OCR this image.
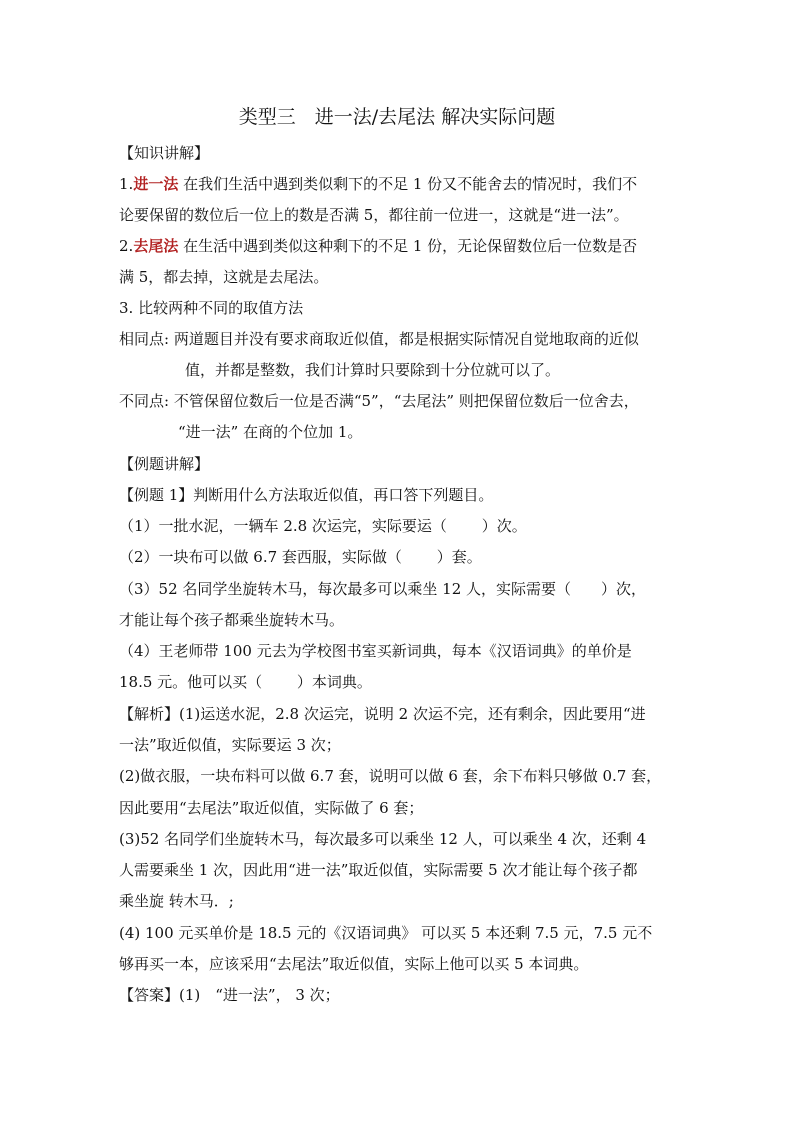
类型三　进一法/去尾法 解决实际问题
【知识讲解】
1.进一法 在我们生活中遇到类似剩下的不足 1 份又不能舍去的情况时，我们不
论要保留的数位后一位上的数是否满 5，都往前一位进一，这就是“进一法”。
2.去尾法 在生活中遇到类似这种剩下的不足 1 份，无论保留数位后一位数是否
满 5，都去掉，这就是去尾法。
3. 比较两种不同的取值方法
相同点: 两道题目并没有要求商取近似值，都是根据实际情况自觉地取商的近似
值，并都是整数，我们计算时只要除到十分位就可以了。
不同点: 不管保留位数后一位是否满“5”，“去尾法” 则把保留位数后一位舍去，
“进一法” 在商的个位加 1。
【例题讲解】
【例题 1】判断用什么方法取近似值，再口答下列题目。
（1）一批水泥，一辆车 2.8 次运完，实际要运（　　 ）次。
（2）一块布可以做 6.7 套西服，实际做（　　 ）套。
（3）52 名同学坐旋转木马，每次最多可以乘坐 12 人，实际需要（　　）次，
才能让每个孩子都乘坐旋转木马。
（4）王老师带 100 元去为学校图书室买新词典，每本《汉语词典》的单价是
18.5 元。他可以买（　　 ）本词典。
【解析】(1)运送水泥，2.8 次运完，说明 2 次运不完，还有剩余，因此要用“进
一法”取近似值，实际要运 3 次；
(2)做衣服，一块布料可以做 6.7 套，说明可以做 6 套，余下布料只够做 0.7 套，
因此要用“去尾法”取近似值，实际做了 6 套；
(3)52 名同学们坐旋转木马，每次最多可以乘坐 12 人，可以乘坐 4 次，还剩 4
人需要乘坐 1 次，因此用“进一法”取近似值，实际需要 5 次才能让每个孩子都
乘坐旋 转木马．;
(4) 100 元买单价是 18.5 元的《汉语词典》 可以买 5 本还剩 7.5 元，7.5 元不
够再买一本，应该采用“去尾法”取近似值，实际上他可以买 5 本词典。
【答案】(1)　“进一法”， 3 次；
